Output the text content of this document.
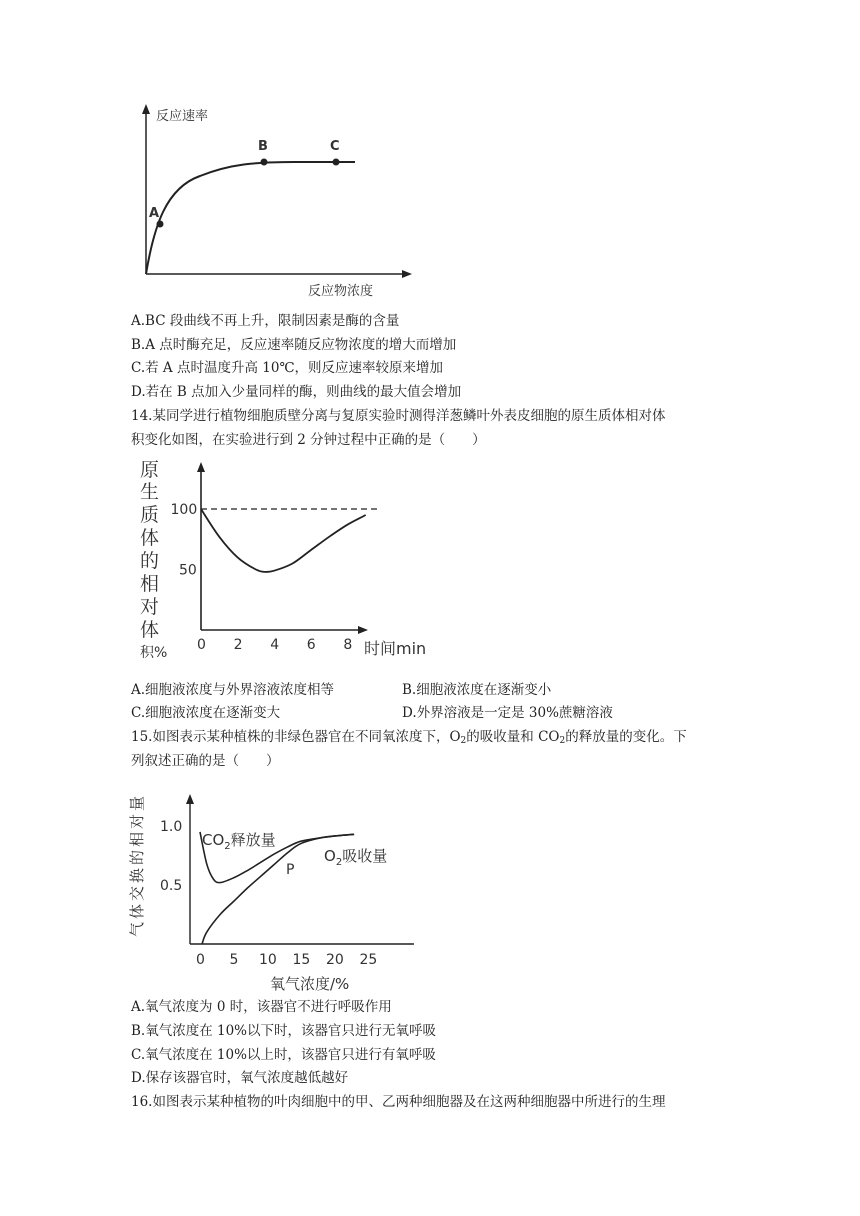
A
B	C
反应速率
反应物浓度
A.BC 段曲线不再上升，限制因素是酶的含量
B.A 点时酶充足，反应速率随反应物浓度的增大而增加
C.若 A 点时温度升高 10℃，则反应速率较原来增加
D.若在 B 点加入少量同样的酶，则曲线的最大值会增加
14.某同学进行植物细胞质壁分离与复原实验时测得洋葱鳞叶外表皮细胞的原生质体相对体
积变化如图，在实验进行到 2 分钟过程中正确的是（　　）
原
生
质
体
的
相
对
体
积% 0 2 4 6 8
50
100
时间min
A.细胞液浓度与外界溶液浓度相等	B.细胞液浓度在逐渐变小
C.细胞液浓度在逐渐变大	D.外界溶液是一定是 30%蔗糖溶液
15.如图表示某种植株的非绿色器官在不同氧浓度下，$O_2$的吸收量和 $CO_2$的释放量的变化。下
列叙述正确的是（　　）
气
体
交
换
的
相
对
量
0 5 10 15 20 25
0.5
1.0
$CO_2$释放量
$O_2$吸收量
P
氧气浓度/%
A.氧气浓度为 0 时，该器官不进行呼吸作用
B.氧气浓度在 10%以下时，该器官只进行无氧呼吸
C.氧气浓度在 10%以上时，该器官只进行有氧呼吸
D.保存该器官时，氧气浓度越低越好
16.如图表示某种植物的叶肉细胞中的甲、乙两种细胞器及在这两种细胞器中所进行的生理
